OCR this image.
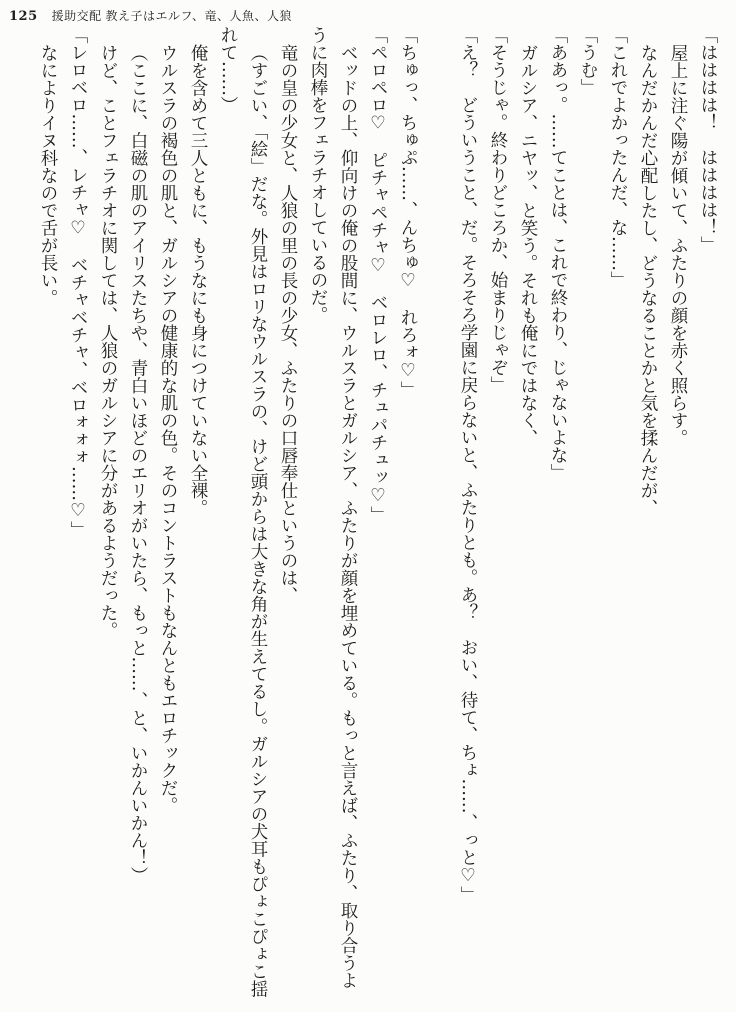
125 援助交配 教え子はエルフ、竜、人魚、人狼

「はははは！　はははは！」

屋上に注ぐ陽が傾いて、ふたりの顔を赤く照らす。

なんだかんだ心配したし、どうなることかと気を揉んだが、

「これでよかったんだ、な……」

「うむ」

「ああっ。……てことは、これで終わり、じゃないよな」

ガルシア、ニヤッ、と笑う。それも俺にではなく、

「そうじゃ。終わりどころか、始まりじゃぞ」

「え？　どういうこと、だ。そろそろ学園に戻らないと、ふたりとも。あ？　おい、待て、ちょ……、っと♡」

「ちゅっ、ちゅぷ……、んちゅ♡　れろォ♡」

「ペロペロ♡　ピチャペチャ♡　ベロレロ、チュパチュッ♡」

ベッドの上、仰向けの俺の股間に、ウルスラとガルシア、ふたりが顔を埋めている。もっと言えば、ふたり、取り合うよ

うに肉棒をフェラチオしているのだ。

竜の皇の少女と、人狼の里の長の少女、ふたりの口唇奉仕というのは、

（すごい、「絵」だな。外見はロリなウルスラの、けど頭からは大きな角が生えてるし。ガルシアの犬耳もぴょこぴょこ揺

れて……）

俺を含めて三人ともに、もうなにも身につけていない全裸。

ウルスラの褐色の肌と、ガルシアの健康的な肌の色。そのコントラストもなんともエロチックだ。

（ここに、白磁の肌のアイリスたちや、青白いほどのエリオがいたら、もっと……、と、いかんいかん！）

けど、ことフェラチオに関しては、人狼のガルシアに分があるようだった。

「レロベロ……、レチャ♡　ベチャベチャ、ベロォォォ……♡」

なによりイヌ科なので舌が長い。
